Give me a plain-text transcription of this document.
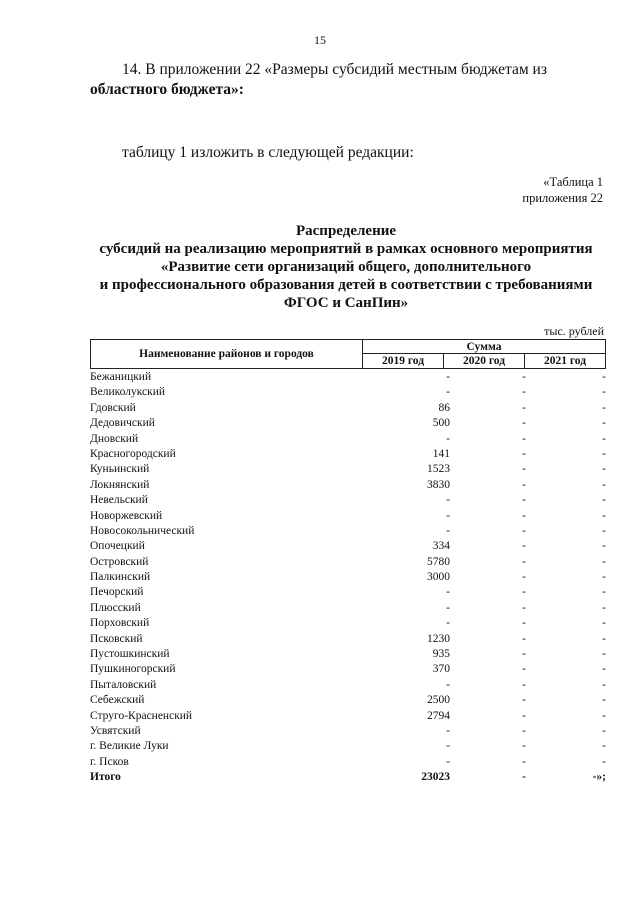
15
14. В приложении 22 «Размеры субсидий местным бюджетам из
областного бюджета»:
таблицу 1 изложить в следующей редакции:
«Таблица 1
приложения 22
Распределение
субсидий на реализацию мероприятий в рамках основного мероприятия
«Развитие сети организаций общего, дополнительного
и профессионального образования детей в соответствии с требованиями
ФГОС и СанПин»
тыс. рублей
Наименование районов и городов
Сумма
2019 год	2020 год	2021 год
Бежаницкий	-	-	-
Великолукский	-	-	-
Гдовский	86	-	-
Дедовичский	500	-	-
Дновский	-	-	-
Красногородский	141	-	-
Куньинский	1523	-	-
Локнянский	3830	-	-
Невельский	-	-	-
Новоржевский	-	-	-
Новосокольнический	-	-	-
Опочецкий	334	-	-
Островский	5780	-	-
Палкинский	3000	-	-
Печорский	-	-	-
Плюсский	-	-	-
Порховский	-	-	-
Псковский	1230	-	-
Пустошкинский	935	-	-
Пушкиногорский	370	-	-
Пыталовский	-	-	-
Себежский	2500	-	-
Струго-Красненский	2794	-	-
Усвятский	-	-	-
г. Великие Луки	-	-	-
г. Псков	-	-	-
Итого	23023	-	-»;
